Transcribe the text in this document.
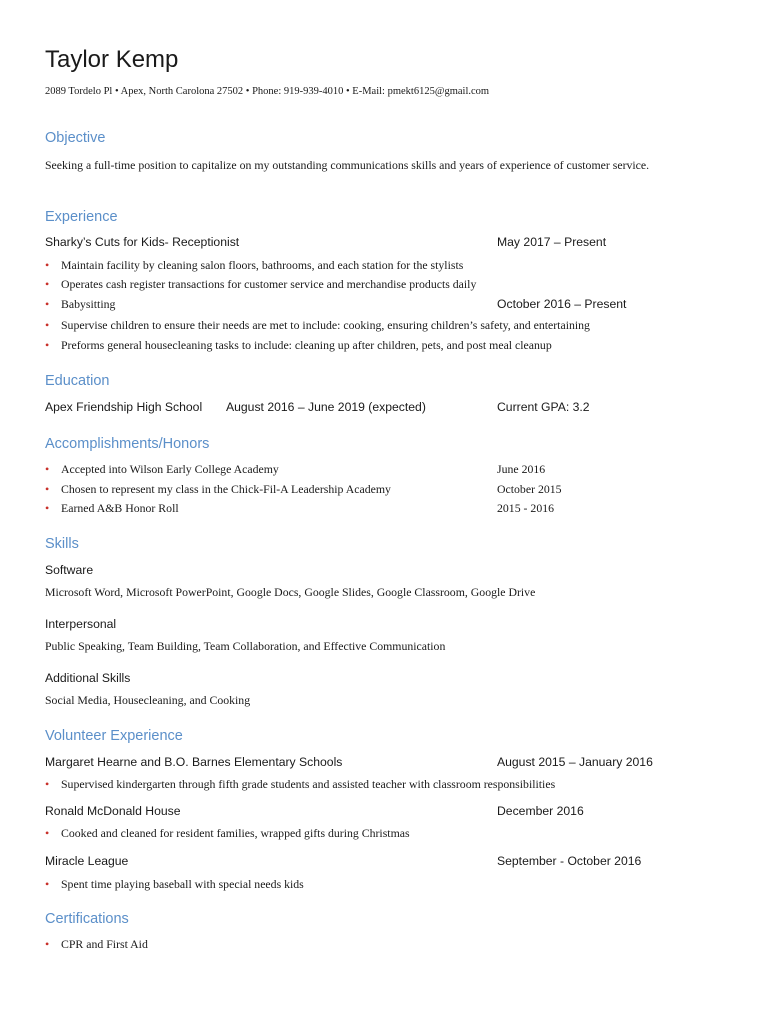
Taylor Kemp
2089 Tordelo Pl • Apex, North Carolona 27502 • Phone: 919-939-4010 • E-Mail: pmekt6125@gmail.com
Objective
Seeking a full-time position to capitalize on my outstanding communications skills and years of experience of customer service.
Experience
Sharky’s Cuts for Kids- Receptionist	May 2017 – Present
• Maintain facility by cleaning salon floors, bathrooms, and each station for the stylists
• Operates cash register transactions for customer service and merchandise products daily
• Babysitting	October 2016 – Present
• Supervise children to ensure their needs are met to include: cooking, ensuring children’s safety, and entertaining
• Preforms general housecleaning tasks to include: cleaning up after children, pets, and post meal cleanup
Education
Apex Friendship High School August 2016 – June 2019 (expected)	Current GPA: 3.2
Accomplishments/Honors
• Accepted into Wilson Early College Academy	June 2016
• Chosen to represent my class in the Chick-Fil-A Leadership Academy	October 2015
• Earned A&B Honor Roll	2015 - 2016
Skills
Software
Microsoft Word, Microsoft PowerPoint, Google Docs, Google Slides, Google Classroom, Google Drive
Interpersonal
Public Speaking, Team Building, Team Collaboration, and Effective Communication
Additional Skills
Social Media, Housecleaning, and Cooking
Volunteer Experience
Margaret Hearne and B.O. Barnes Elementary Schools	August 2015 – January 2016
• Supervised kindergarten through fifth grade students and assisted teacher with classroom responsibilities
Ronald McDonald House	December 2016
• Cooked and cleaned for resident families, wrapped gifts during Christmas
Miracle League	September - October 2016
• Spent time playing baseball with special needs kids
Certifications
• CPR and First Aid
